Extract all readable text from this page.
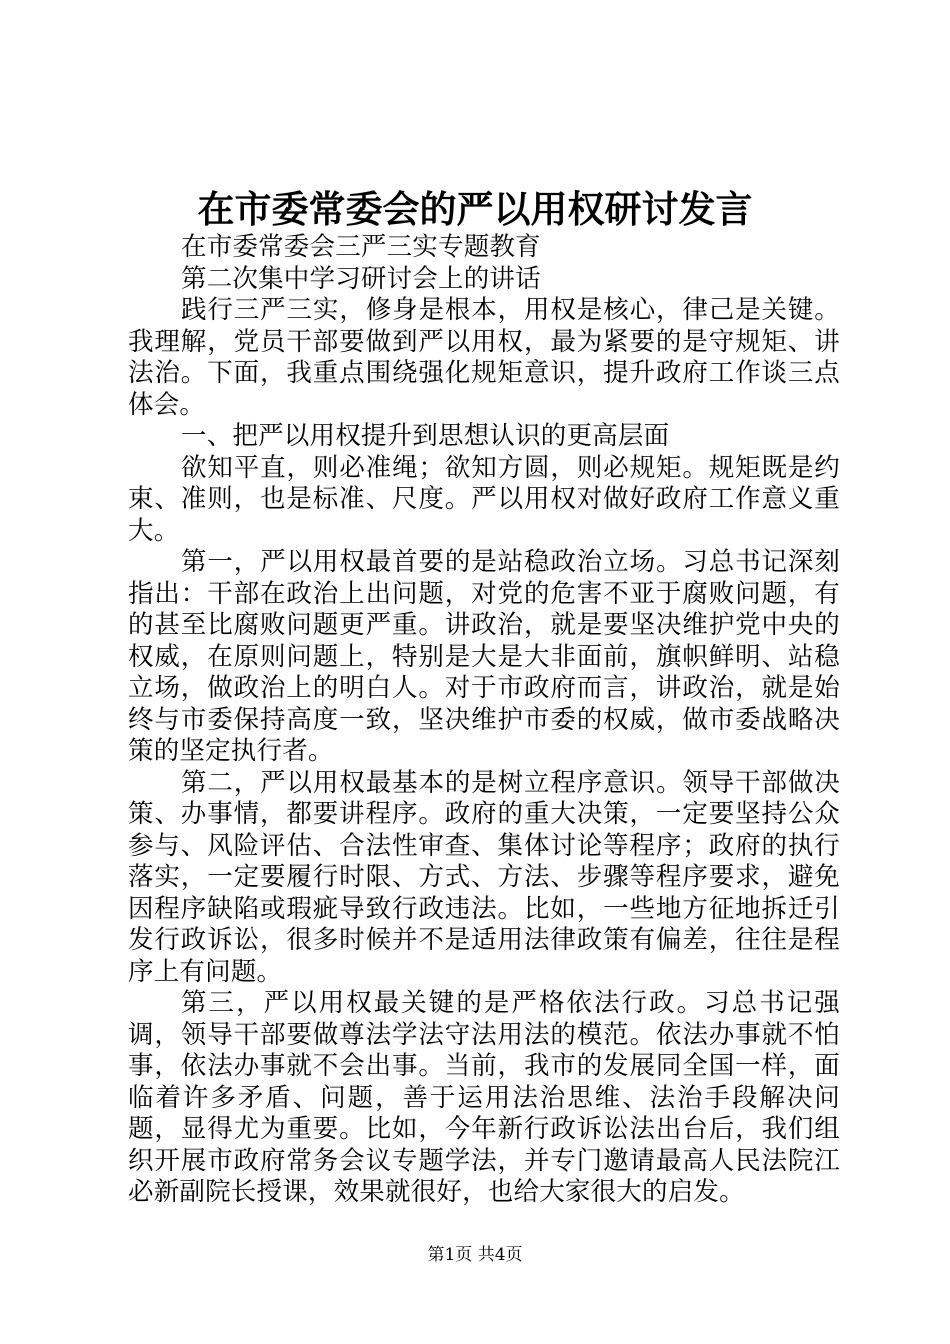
在市委常委会的严以用权研讨发言

在市委常委会三严三实专题教育

第二次集中学习研讨会上的讲话

践行三严三实，修身是根本，用权是核心，律己是关键。我理解，党员干部要做到严以用权，最为紧要的是守规矩、讲法治。下面，我重点围绕强化规矩意识，提升政府工作谈三点体会。

一、把严以用权提升到思想认识的更高层面

欲知平直，则必准绳；欲知方圆，则必规矩。规矩既是约束、准则，也是标准、尺度。严以用权对做好政府工作意义重大。

第一，严以用权最首要的是站稳政治立场。习总书记深刻指出：干部在政治上出问题，对党的危害不亚于腐败问题，有的甚至比腐败问题更严重。讲政治，就是要坚决维护党中央的权威，在原则问题上，特别是大是大非面前，旗帜鲜明、站稳立场，做政治上的明白人。对于市政府而言，讲政治，就是始终与市委保持高度一致，坚决维护市委的权威，做市委战略决策的坚定执行者。

第二，严以用权最基本的是树立程序意识。领导干部做决策、办事情，都要讲程序。政府的重大决策，一定要坚持公众参与、风险评估、合法性审查、集体讨论等程序；政府的执行落实，一定要履行时限、方式、方法、步骤等程序要求，避免因程序缺陷或瑕疵导致行政违法。比如，一些地方征地拆迁引发行政诉讼，很多时候并不是适用法律政策有偏差，往往是程序上有问题。

第三，严以用权最关键的是严格依法行政。习总书记强调，领导干部要做尊法学法守法用法的模范。依法办事就不怕事，依法办事就不会出事。当前，我市的发展同全国一样，面临着许多矛盾、问题，善于运用法治思维、法治手段解决问题，显得尤为重要。比如，今年新行政诉讼法出台后，我们组织开展市政府常务会议专题学法，并专门邀请最高人民法院江必新副院长授课，效果就很好，也给大家很大的启发。

第1页 共4页
